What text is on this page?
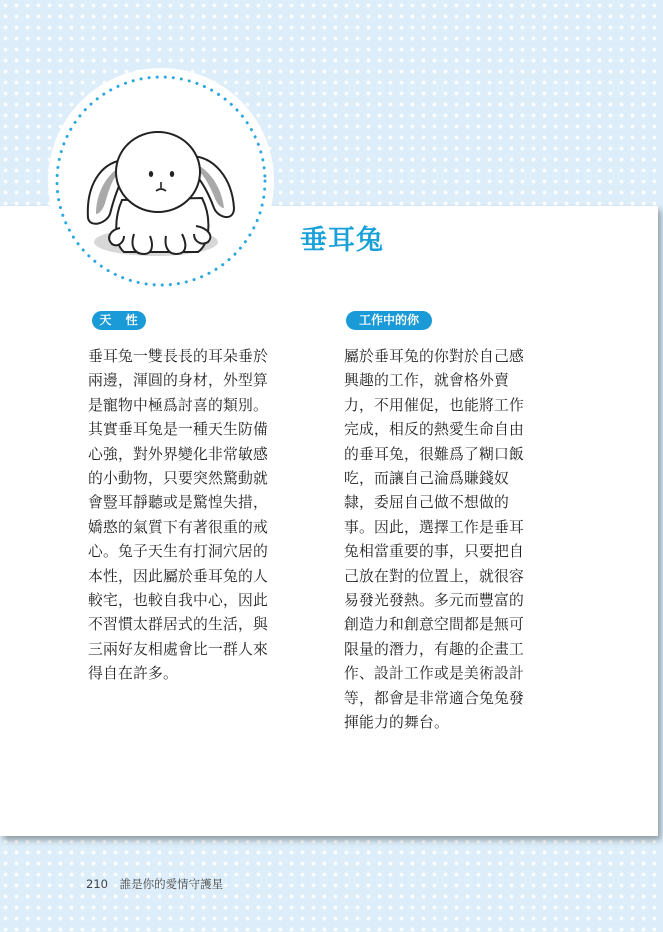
垂耳兔
天 性	工作中的你

垂耳兔一雙長長的耳朵垂於
兩邊，渾圓的身材，外型算
是寵物中極爲討喜的類別。
其實垂耳兔是一種天生防備
心強，對外界變化非常敏感
的小動物，只要突然驚動就
會豎耳靜聽或是驚惶失措，
嬌憨的氣質下有著很重的戒
心。兔子天生有打洞穴居的
本性，因此屬於垂耳兔的人
較宅，也較自我中心，因此
不習慣太群居式的生活，與
三兩好友相處會比一群人來
得自在許多。

屬於垂耳兔的你對於自己感
興趣的工作，就會格外賣
力，不用催促，也能將工作
完成，相反的熱愛生命自由
的垂耳兔，很難爲了糊口飯
吃，而讓自己淪爲賺錢奴
隸，委屈自己做不想做的
事。因此，選擇工作是垂耳
兔相當重要的事，只要把自
己放在對的位置上，就很容
易發光發熱。多元而豐富的
創造力和創意空間都是無可
限量的潛力，有趣的企畫工
作、設計工作或是美術設計
等，都會是非常適合兔兔發
揮能力的舞台。

210 誰是你的愛情守護星
